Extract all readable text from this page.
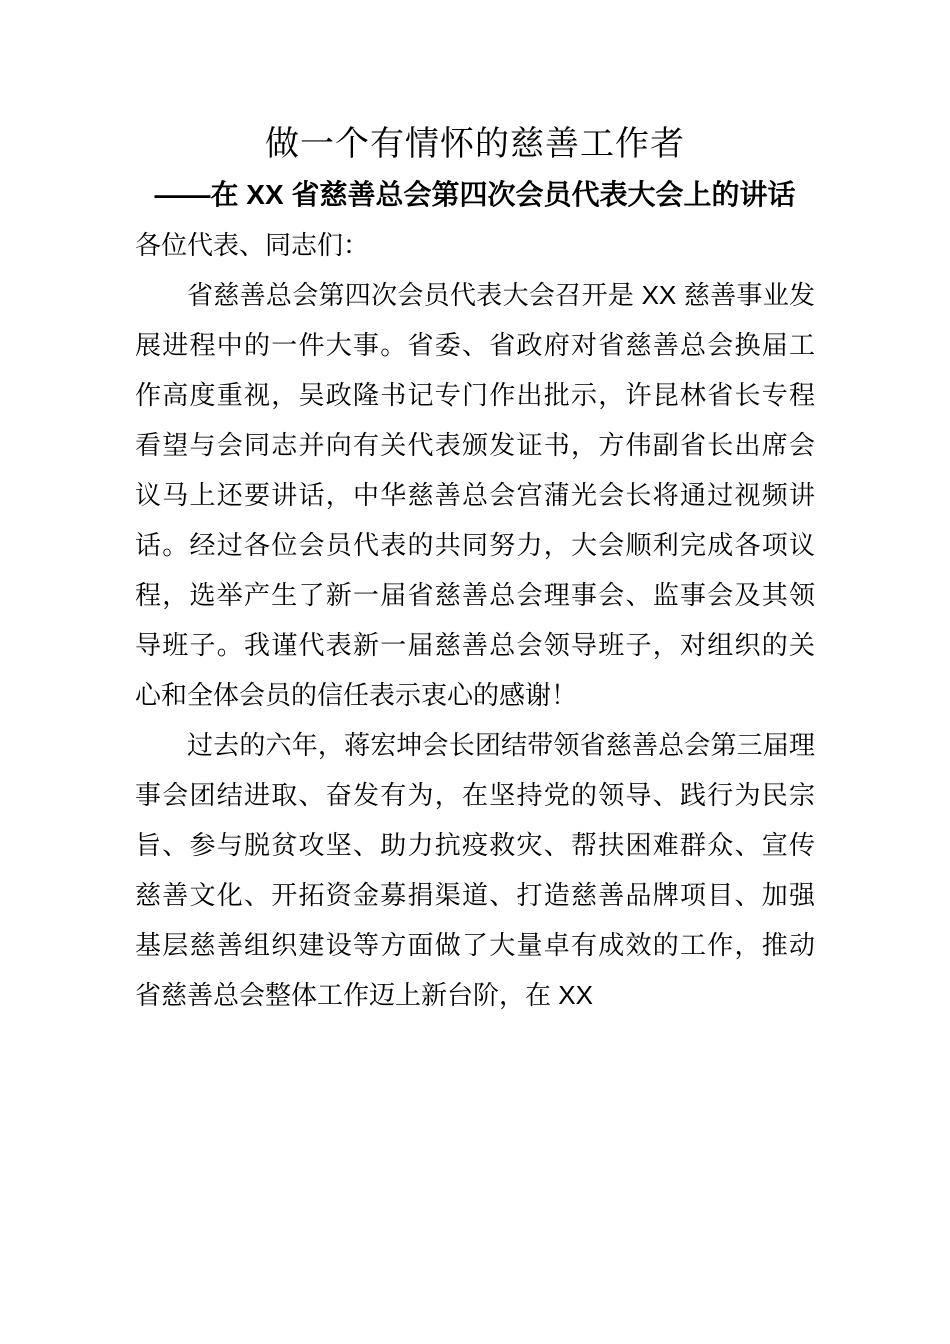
做一个有情怀的慈善工作者
——在 XX 省慈善总会第四次会员代表大会上的讲话
各位代表、同志们：
省慈善总会第四次会员代表大会召开是 XX 慈善事业发
展进程中的一件大事。省委、省政府对省慈善总会换届工
作高度重视，吴政隆书记专门作出批示，许昆林省长专程
看望与会同志并向有关代表颁发证书，方伟副省长出席会
议马上还要讲话，中华慈善总会宫蒲光会长将通过视频讲
话。经过各位会员代表的共同努力，大会顺利完成各项议
程，选举产生了新一届省慈善总会理事会、监事会及其领
导班子。我谨代表新一届慈善总会领导班子，对组织的关
心和全体会员的信任表示衷心的感谢！
过去的六年，蒋宏坤会长团结带领省慈善总会第三届理
事会团结进取、奋发有为，在坚持党的领导、践行为民宗
旨、参与脱贫攻坚、助力抗疫救灾、帮扶困难群众、宣传
慈善文化、开拓资金募捐渠道、打造慈善品牌项目、加强
基层慈善组织建设等方面做了大量卓有成效的工作，推动
省慈善总会整体工作迈上新台阶，在 XX
